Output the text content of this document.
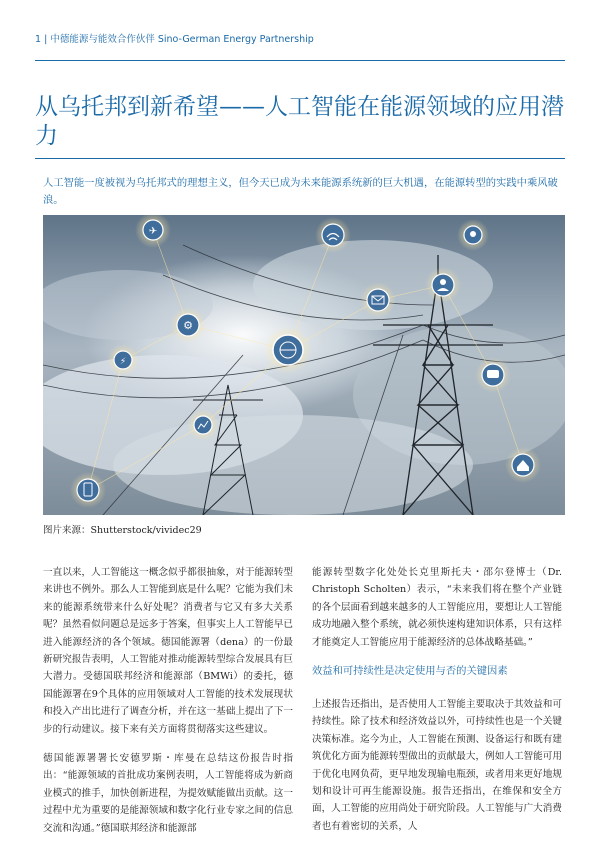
1 | 中德能源与能效合作伙伴 Sino-German Energy Partnership
从乌托邦到新希望——人工智能在能源领域的应用潜力
人工智能一度被视为乌托邦式的理想主义，但今天已成为未来能源系统新的巨大机遇，在能源转型的实践中乘风破浪。
✈
⚡
⚙
图片来源：Shutterstock/vividec29

一直以来，人工智能这一概念似乎都很抽象，对于能源转型来讲也不例外。那么人工智能到底是什么呢？它能为我们未来的能源系统带来什么好处呢？消费者与它又有多大关系呢？虽然看似问题总是远多于答案，但事实上人工智能早已进入能源经济的各个领域。德国能源署（dena）的一份最新研究报告表明，人工智能对推动能源转型综合发展具有巨大潜力。受德国联邦经济和能源部（BMWi）的委托，德国能源署在9个具体的应用领域对人工智能的技术发展现状和投入产出比进行了调查分析，并在这一基础上提出了下一步的行动建议。接下来有关方面将贯彻落实这些建议。

德国能源署署长安德罗斯・库曼在总结这份报告时指出：“能源领域的首批成功案例表明，人工智能将成为新商业模式的推手，加快创新进程，为提效赋能做出贡献。这一过程中尤为重要的是能源领域和数字化行业专家之间的信息交流和沟通。”德国联邦经济和能源部

能源转型数字化处处长克里斯托夫・邵尔登博士（Dr. Christoph Scholten）表示，“未来我们将在整个产业链的各个层面看到越来越多的人工智能应用，要想让人工智能成功地融入整个系统，就必须快速构建知识体系，只有这样才能奠定人工智能应用于能源经济的总体战略基础。”

效益和可持续性是决定使用与否的关键因素

上述报告还指出，是否使用人工智能主要取决于其效益和可持续性。除了技术和经济效益以外，可持续性也是一个关键决策标准。迄今为止，人工智能在预测、设备运行和既有建筑优化方面为能源转型做出的贡献最大，例如人工智能可用于优化电网负荷，更早地发现输电瓶颈，或者用来更好地规划和设计可再生能源设施。报告还指出，在维保和安全方面，人工智能的应用尚处于研究阶段。人工智能与广大消费者也有着密切的关系，人
